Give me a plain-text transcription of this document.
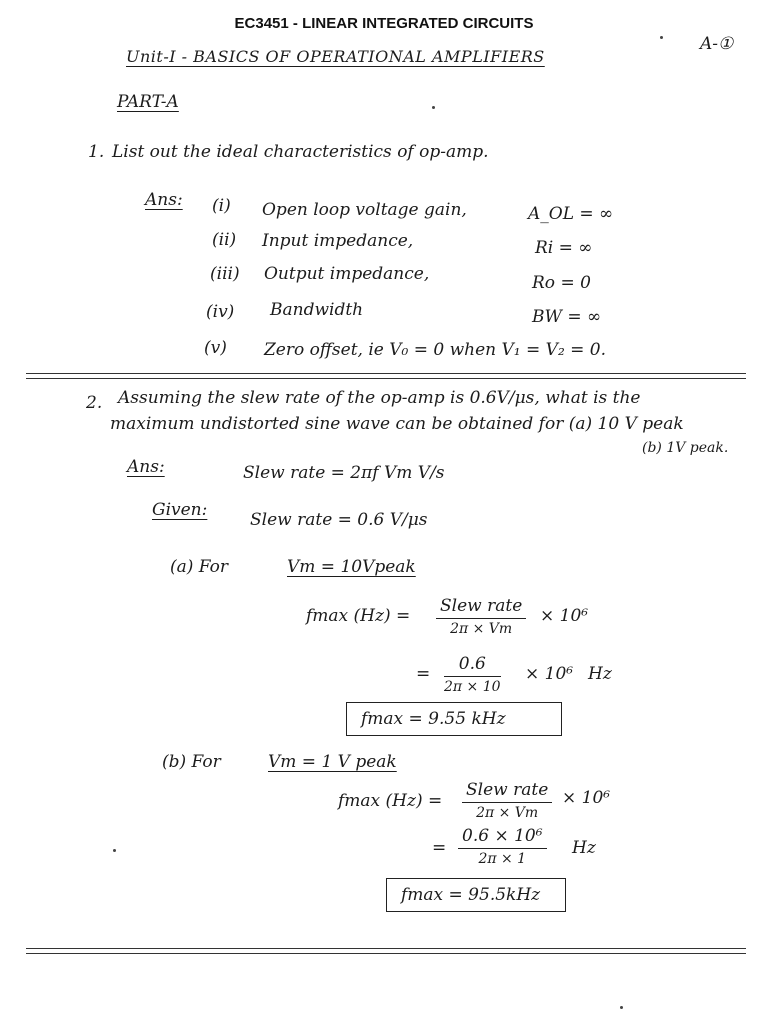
EC3451 - LINEAR INTEGRATED CIRCUITS
A-①
Unit-I - BASICS OF OPERATIONAL AMPLIFIERS
PART-A
1. List out the ideal characteristics of op-amp.
Ans: (i) Open loop voltage gain,	A_OL = ∞
(ii) Input impedance,	Ri = ∞
(iii) Output impedance,	Ro = 0
(iv) Bandwidth	BW = ∞
(v) Zero offset, ie V₀ = 0 when V₁ = V₂ = 0.
2. Assuming the slew rate of the op-amp is 0.6V/μs, what is the
maximum undistorted sine wave can be obtained for (a) 10 V peak
(b) 1V peak.
Ans:	Slew rate = 2πf Vm V/s
Given:	Slew rate = 0.6 V/μs
(a) For	Vm = 10Vpeak
fmax $(Hz) = \frac{\text{Slew rate}}{2\pi \times Vm} \times 10^6$
= $\frac{0.6}{2\pi \times 10} \times 10^6$ Hz
fmax = 9.55 kHz
(b) For	Vm = 1 V peak
fmax $(Hz) = \frac{\text{Slew rate}}{2\pi \times Vm} \times 10^6$
= $\frac{\text{0.6 × 10⁶}}{2\pi \times 1}$ Hz
fmax = 95.5kHz
